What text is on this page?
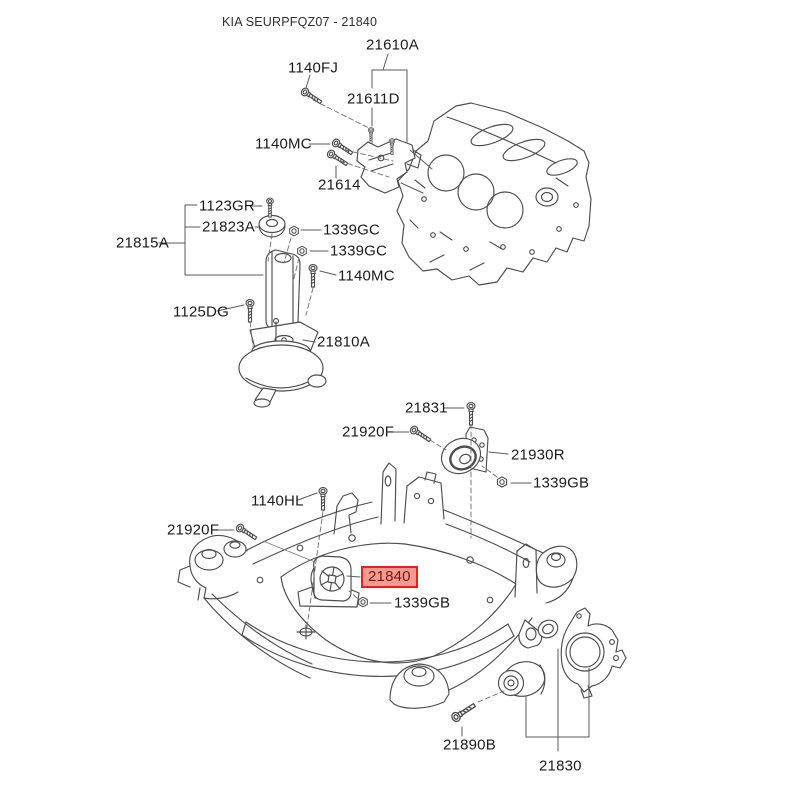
KIA SEURPFQZ07 - 21840
21610A
1140FJ
21611D
1140MC
21614
1123GR
21823A	1339GC
1339GC
21815A
1140MC
1125DG
21810A
21831
21920F
21930R
1339GB
1140HL
21920F
21840
1339GB
21890B
21830
